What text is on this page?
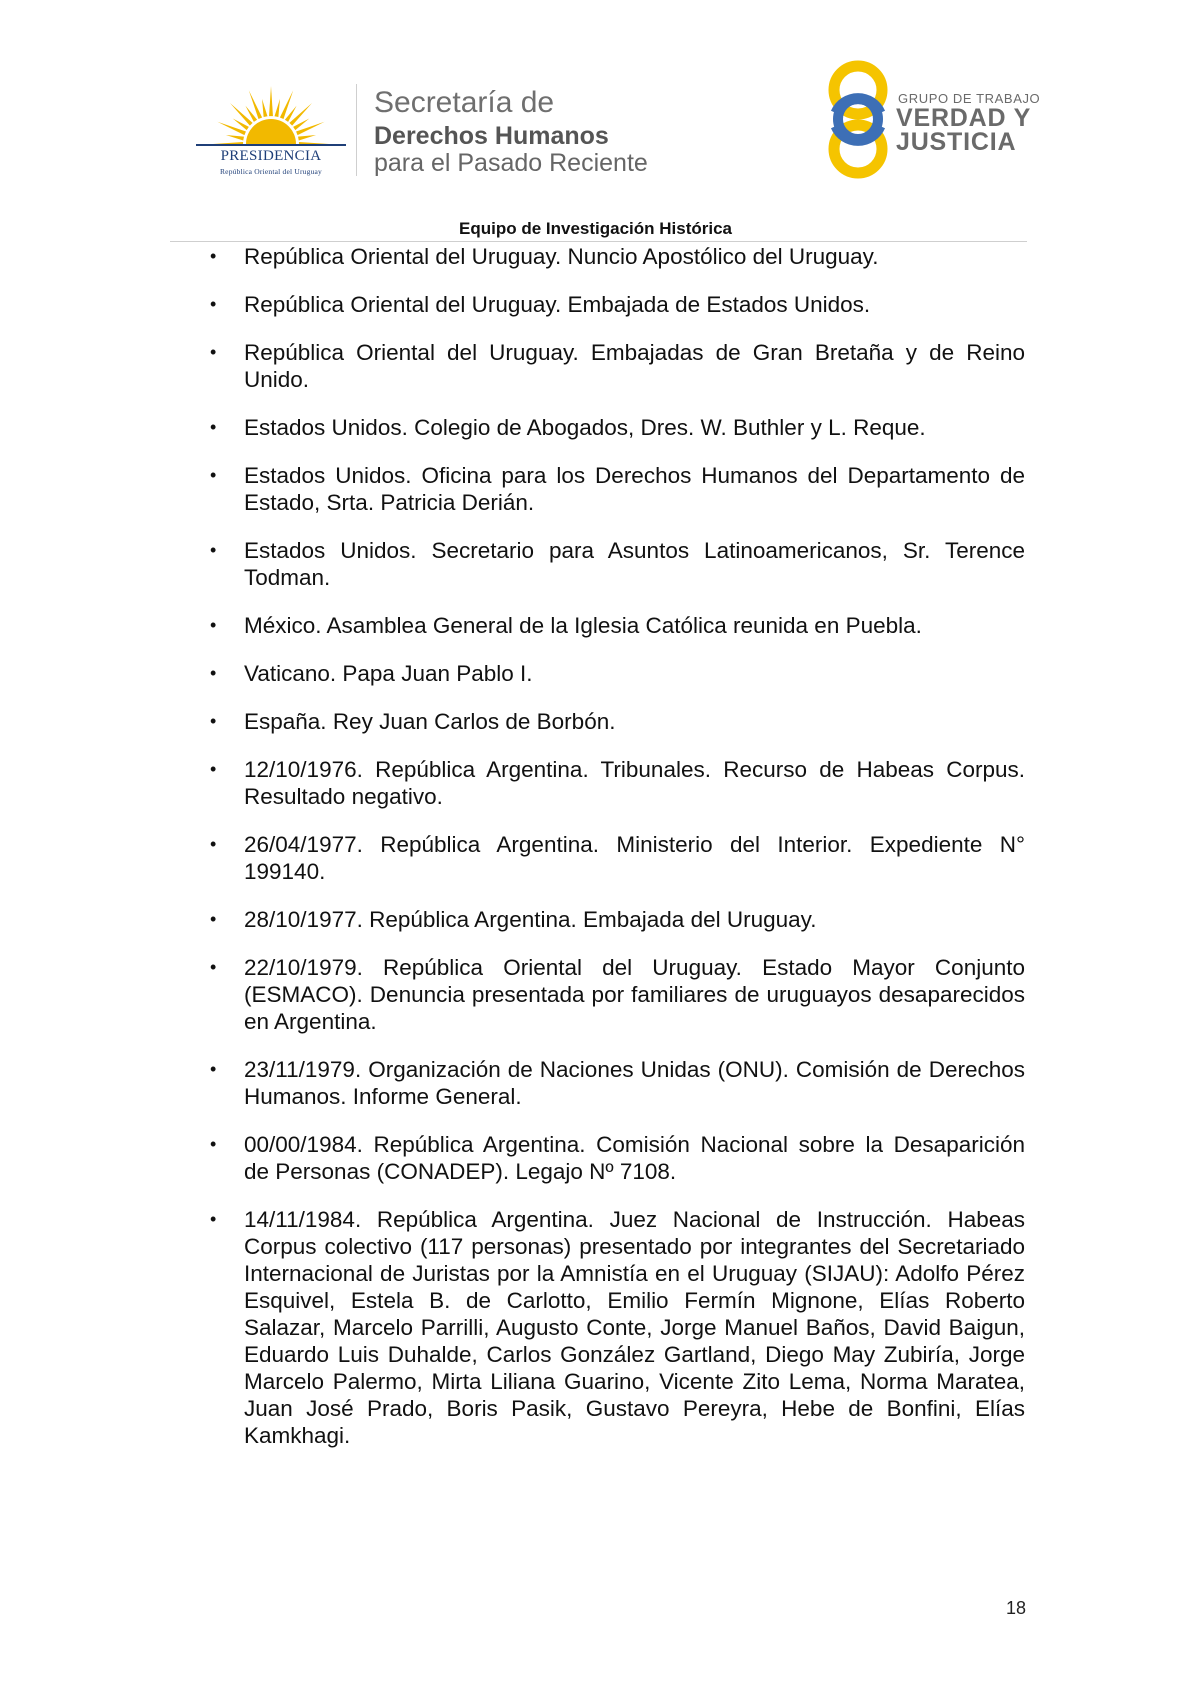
PRESIDENCIA
República Oriental del Uruguay
Secretaría de
Derechos Humanos
para el Pasado Reciente
GRUPO DE TRABAJO
VERDAD Y
JUSTICIA
Equipo de Investigación Histórica
• República Oriental del Uruguay. Nuncio Apostólico del Uruguay.
• República Oriental del Uruguay. Embajada de Estados Unidos.
• República Oriental del Uruguay. Embajadas de Gran Bretaña y de Reino Unido.
• Estados Unidos. Colegio de Abogados, Dres. W. Buthler y L. Reque.
• Estados Unidos. Oficina para los Derechos Humanos del Departamento de Estado, Srta. Patricia Derián.
• Estados Unidos. Secretario para Asuntos Latinoamericanos, Sr. Terence Todman.
• México. Asamblea General de la Iglesia Católica reunida en Puebla.
• Vaticano. Papa Juan Pablo I.
• España. Rey Juan Carlos de Borbón.
• 12/10/1976. República Argentina. Tribunales. Recurso de Habeas Corpus. Resultado negativo.
• 26/04/1977. República Argentina. Ministerio del Interior. Expediente N° 199140.
• 28/10/1977. República Argentina. Embajada del Uruguay.
• 22/10/1979. República Oriental del Uruguay. Estado Mayor Conjunto (ESMACO). Denuncia presentada por familiares de uruguayos desaparecidos en Argentina.
• 23/11/1979. Organización de Naciones Unidas (ONU). Comisión de Derechos Humanos. Informe General.
• 00/00/1984. República Argentina. Comisión Nacional sobre la Desaparición de Personas (CONADEP). Legajo Nº 7108.
• 14/11/1984. República Argentina. Juez Nacional de Instrucción. Habeas Corpus colectivo (117 personas) presentado por integrantes del Secretariado Internacional de Juristas por la Amnistía en el Uruguay (SIJAU): Adolfo Pérez Esquivel, Estela B. de Carlotto, Emilio Fermín Mignone, Elías Roberto Salazar, Marcelo Parrilli, Augusto Conte, Jorge Manuel Baños, David Baigun, Eduardo Luis Duhalde, Carlos González Gartland, Diego May Zubiría, Jorge Marcelo Palermo, Mirta Liliana Guarino, Vicente Zito Lema, Norma Maratea, Juan José Prado, Boris Pasik, Gustavo Pereyra, Hebe de Bonfini, Elías Kamkhagi.
18
